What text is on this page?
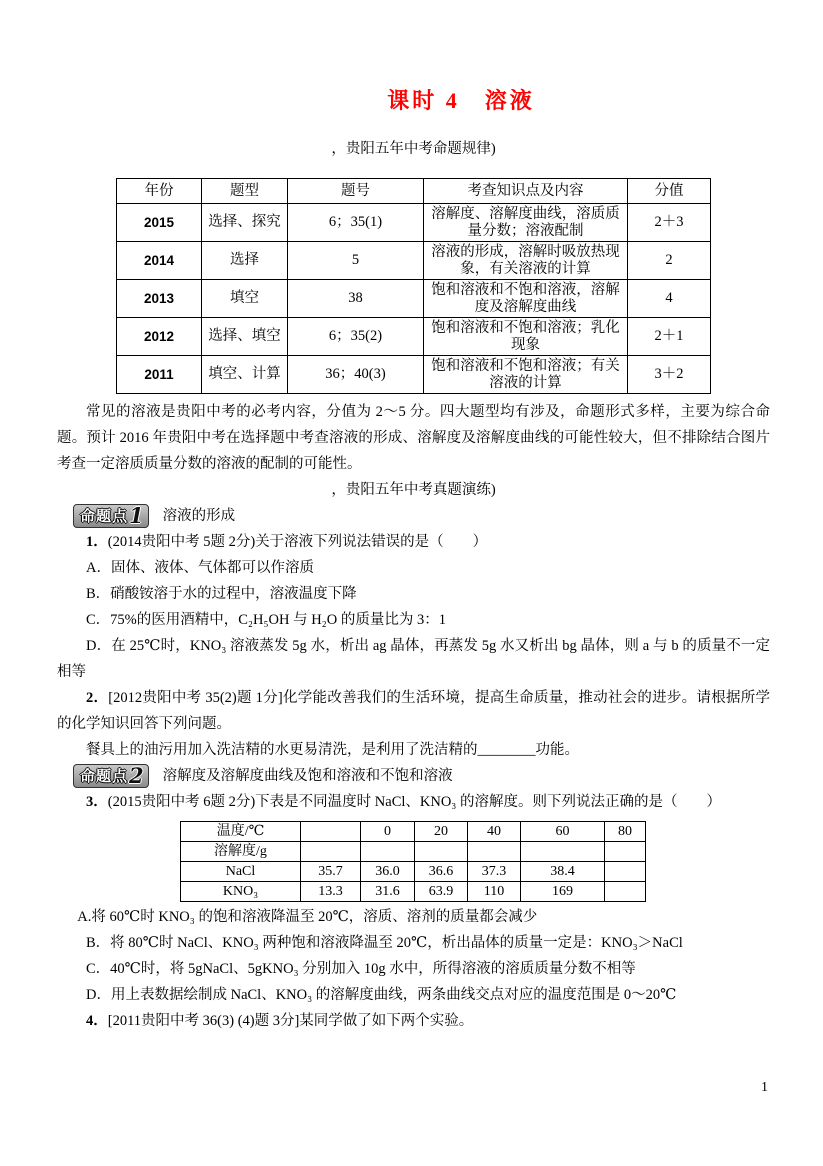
课时 4　溶液
，贵阳五年中考命题规律)
年份	题型	题号	考查知识点及内容	分值
2015	选择、探究	6；35(1)	溶解度、溶解度曲线，溶质质量分数；溶液配制	2＋3
2014	选择	5	溶液的形成，溶解时吸放热现象，有关溶液的计算	2
2013	填空	38	饱和溶液和不饱和溶液，溶解度及溶解度曲线	4
2012	选择、填空	6；35(2)	饱和溶液和不饱和溶液；乳化现象	2＋1
2011	填空、计算	36；40(3)	饱和溶液和不饱和溶液；有关溶液的计算	3＋2

常见的溶液是贵阳中考的必考内容，分值为 2～5 分。四大题型均有涉及，命题形式多样，主要为综合命题。预计 2016 年贵阳中考在选择题中考查溶液的形成、溶解度及溶解度曲线的可能性较大，但不排除结合图片考查一定溶质质量分数的溶液的配制的可能性。

，贵阳五年中考真题演练)
命题点1	溶液的形成

1．(2014贵阳中考 5题 2分)关于溶液下列说法错误的是（　　）

A．固体、液体、气体都可以作溶质

B．硝酸铵溶于水的过程中，溶液温度下降

C．75%的医用酒精中，C₂H₅OH 与 H₂O 的质量比为 3：1

D．在 25℃时，KNO₃ 溶液蒸发 5g 水，析出 ag 晶体，再蒸发 5g 水又析出 bg 晶体，则 a 与 b 的质量不一定相等

2．[2012贵阳中考 35(2)题 1分]化学能改善我们的生活环境，提高生命质量，推动社会的进步。请根据所学的化学知识回答下列问题。

餐具上的油污用加入洗洁精的水更易清洗，是利用了洗洁精的________功能。

命题点2	溶解度及溶解度曲线及饱和溶液和不饱和溶液

3．(2015贵阳中考 6题 2分)下表是不同温度时 NaCl、KNO₃ 的溶解度。则下列说法正确的是（　　）

温度/℃		0	20	40	60	80
溶解度/g						
NaCl	35.7	36.0	36.6	37.3	38.4	
KNO₃	13.3	31.6	63.9	110	169	

A.将 60℃时 KNO₃ 的饱和溶液降温至 20℃，溶质、溶剂的质量都会减少

B．将 80℃时 NaCl、KNO₃ 两种饱和溶液降温至 20℃，析出晶体的质量一定是：KNO₃＞NaCl

C．40℃时，将 5gNaCl、5gKNO₃ 分别加入 10g 水中，所得溶液的溶质质量分数不相等

D．用上表数据绘制成 NaCl、KNO₃ 的溶解度曲线，两条曲线交点对应的温度范围是 0～20℃

4．[2011贵阳中考 36(3) (4)题 3分]某同学做了如下两个实验。

1
